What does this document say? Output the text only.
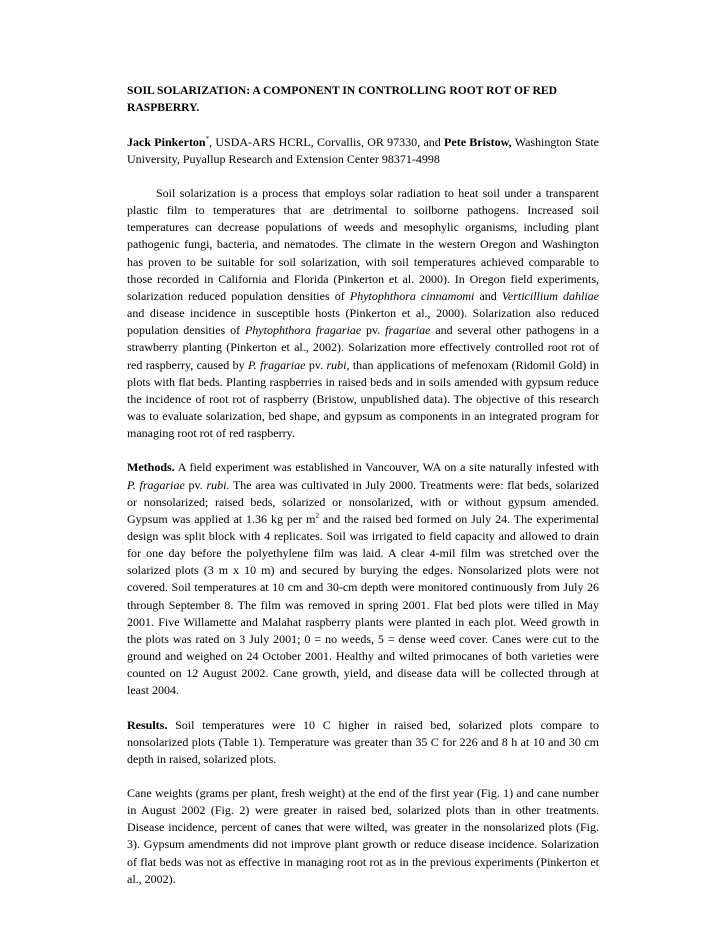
SOIL SOLARIZATION: A COMPONENT IN CONTROLLING ROOT ROT OF RED RASPBERRY.
Jack Pinkerton*, USDA-ARS HCRL, Corvallis, OR 97330, and Pete Bristow, Washington State University, Puyallup Research and Extension Center 98371-4998

Soil solarization is a process that employs solar radiation to heat soil under a transparent plastic film to temperatures that are detrimental to soilborne pathogens. Increased soil temperatures can decrease populations of weeds and mesophylic organisms, including plant pathogenic fungi, bacteria, and nematodes. The climate in the western Oregon and Washington has proven to be suitable for soil solarization, with soil temperatures achieved comparable to those recorded in California and Florida (Pinkerton et al. 2000). In Oregon field experiments, solarization reduced population densities of Phytophthora cinnamomi and Verticillium dahliae and disease incidence in susceptible hosts (Pinkerton et al., 2000). Solarization also reduced population densities of Phytophthora fragariae pv. fragariae and several other pathogens in a strawberry planting (Pinkerton et al., 2002). Solarization more effectively controlled root rot of red raspberry, caused by P. fragariae pv. rubi, than applications of mefenoxam (Ridomil Gold) in plots with flat beds. Planting raspberries in raised beds and in soils amended with gypsum reduce the incidence of root rot of raspberry (Bristow, unpublished data). The objective of this research was to evaluate solarization, bed shape, and gypsum as components in an integrated program for managing root rot of red raspberry.

Methods. A field experiment was established in Vancouver, WA on a site naturally infested with P. fragariae pv. rubi. The area was cultivated in July 2000. Treatments were: flat beds, solarized or nonsolarized; raised beds, solarized or nonsolarized, with or without gypsum amended. Gypsum was applied at 1.36 kg per $m^2$ and the raised bed formed on July 24. The experimental design was split block with 4 replicates. Soil was irrigated to field capacity and allowed to drain for one day before the polyethylene film was laid. A clear 4-mil film was stretched over the solarized plots (3 m x 10 m) and secured by burying the edges. Nonsolarized plots were not covered. Soil temperatures at 10 cm and 30-cm depth were monitored continuously from July 26 through September 8. The film was removed in spring 2001. Flat bed plots were tilled in May 2001. Five Willamette and Malahat raspberry plants were planted in each plot. Weed growth in the plots was rated on 3 July 2001; 0 = no weeds, 5 = dense weed cover. Canes were cut to the ground and weighed on 24 October 2001. Healthy and wilted primocanes of both varieties were counted on 12 August 2002. Cane growth, yield, and disease data will be collected through at least 2004.

Results. Soil temperatures were 10 C higher in raised bed, solarized plots compare to nonsolarized plots (Table 1). Temperature was greater than 35 C for 226 and 8 h at 10 and 30 cm depth in raised, solarized plots.

Cane weights (grams per plant, fresh weight) at the end of the first year (Fig. 1) and cane number in August 2002 (Fig. 2) were greater in raised bed, solarized plots than in other treatments. Disease incidence, percent of canes that were wilted, was greater in the nonsolarized plots (Fig. 3). Gypsum amendments did not improve plant growth or reduce disease incidence. Solarization of flat beds was not as effective in managing root rot as in the previous experiments (Pinkerton et al., 2002).
